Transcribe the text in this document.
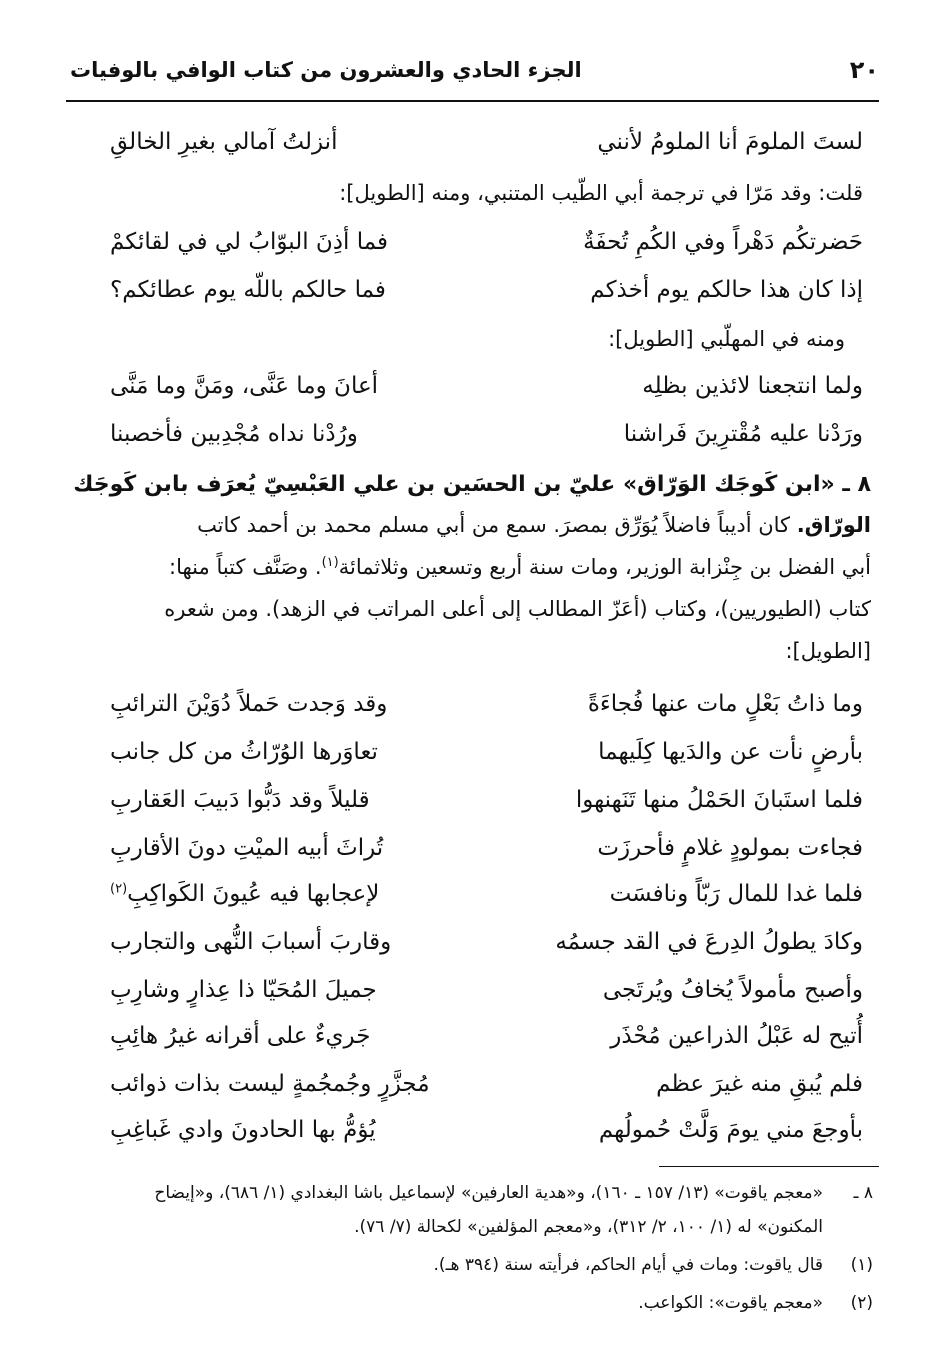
٢٠
الجزء الحادي والعشرون من كتاب الوافي بالوفيات
لستَ الملومَ أنا الملومُ لأنني
أنزلتُ آمالي بغيرِ الخالقِ
قلت: وقد مَرّا في ترجمة أبي الطّيب المتنبي، ومنه [الطويل]:
حَضرتكُم دَهْراً وفي الكُمِ تُحفَةٌ
فما أذِنَ البوّابُ لي في لقائكمْ
إذا كان هذا حالكم يوم أخذكم
فما حالكم باللّه يوم عطائكم؟
ومنه في المهلّبي [الطويل]:
ولما انتجعنا لائذين بظلِه
أعانَ وما عَنَّى، ومَنَّ وما مَنَّى
ورَدْنا عليه مُقْترِينَ فَراشنا
ورُدْنا نداه مُجْدِبين فأخصبنا
٨ ـ «ابن كَوجَك الوَرّاق» عليّ بن الحسَين بن علي العَبْسِيّ يُعرَف بابن كَوجَك
الورّاق. كان أديباً فاضلاً يُوَرِّق بمصرَ. سمع من أبي مسلم محمد بن أحمد كاتب
أبي الفضل بن جِنْزابة الوزير، ومات سنة أربع وتسعين وثلاثمائة$^{(١)}$. وصَنَّف كتباً منها:
كتاب (الطيوريين)، وكتاب (أعَزّ المطالب إلى أعلى المراتب في الزهد). ومن شعره
[الطويل]:
وما ذاتُ بَعْلٍ مات عنها فُجاءَةً
وقد وَجدت حَملاً دُوَيْنَ الترائبِ
بأرضٍ نأت عن والدَيها كِلَيهما
تعاوَرها الوُرّاثُ من كل جانب
فلما استَبانَ الحَمْلُ منها تَنَهنهوا
قليلاً وقد دَبُّوا دَبيبَ العَقاربِ
فجاءت بمولودٍ غلامٍ فأحرزَت
تُراثَ أبيه الميْتِ دونَ الأقاربِ
فلما غدا للمال رَبّاً ونافسَت
لإعجابها فيه عُيونَ الكَواكِبِ$^{(٢)}$
وكادَ يطولُ الدِرعَ في القد جسمُه
وقاربَ أسبابَ النُّهى والتجارب
وأصبح مأمولاً يُخافُ ويُرتَجى
جميلَ المُحَيّا ذا عِذارٍ وشارِبِ
أُتيح له عَبْلُ الذراعين مُحْذَر
جَريءٌ على أقرانه غيرُ هائِبِ
فلم يُبقِ منه غيرَ عظم
مُجزَّرٍ وجُمجُمةٍ ليست بذات ذوائب
بأوجعَ مني يومَ وَلَّتْ حُمولُهم
يُؤمُّ بها الحادونَ وادي غَباغِبِ
٨ ـ
«معجم ياقوت» (١٣/ ١٥٧ ـ ١٦٠)، و«هدية العارفين» لإسماعيل باشا البغدادي (١/ ٦٨٦)، و«إيضاح
المكنون» له (١/ ١٠٠، ٢/ ٣١٢)، و«معجم المؤلفين» لكحالة (٧/ ٧٦).
(١)
قال ياقوت: ومات في أيام الحاكم، فرأيته سنة (٣٩٤ هـ).
(٢)
«معجم ياقوت»: الكواعب.
